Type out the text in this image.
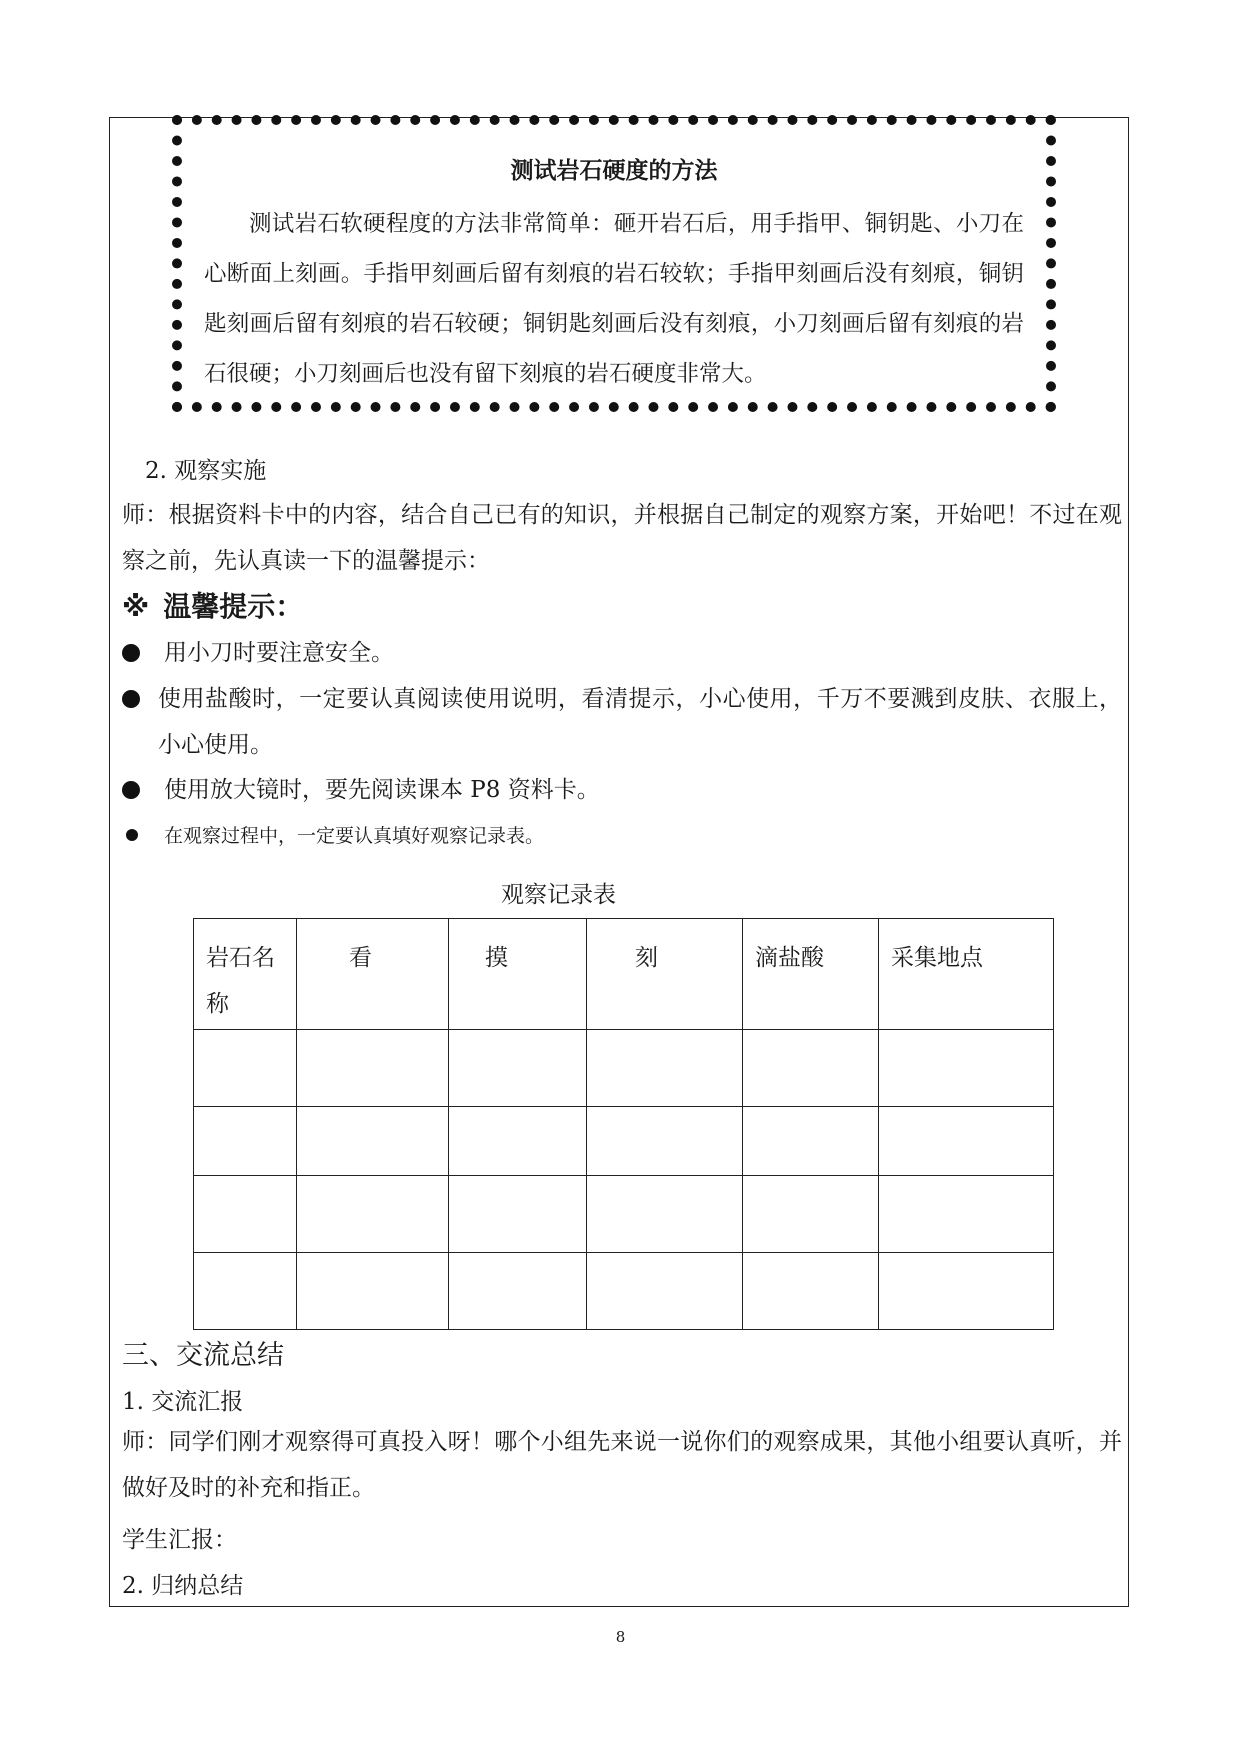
测试岩石硬度的方法

测试岩石软硬程度的方法非常简单：砸开岩石后，用手指甲、铜钥匙、小刀在心断面上刻画。手指甲刻画后留有刻痕的岩石较软；手指甲刻画后没有刻痕，铜钥匙刻画后留有刻痕的岩石较硬；铜钥匙刻画后没有刻痕，小刀刻画后留有刻痕的岩石很硬；小刀刻画后也没有留下刻痕的岩石硬度非常大。

2. 观察实施

师：根据资料卡中的内容，结合自己已有的知识，并根据自己制定的观察方案，开始吧！不过在观察之前，先认真读一下的温馨提示：

※ 温馨提示：
用小刀时要注意安全。
使用盐酸时，一定要认真阅读使用说明，看清提示，小心使用，千万不要溅到皮肤、衣服上，小心使用。
使用放大镜时，要先阅读课本 P8 资料卡。
在观察过程中，一定要认真填好观察记录表。
观察记录表
岩石名称	看	摸	刻	滴盐酸	采集地点

三、交流总结
1. 交流汇报

师：同学们刚才观察得可真投入呀！哪个小组先来说一说你们的观察成果，其他小组要认真听，并做好及时的补充和指正。

学生汇报：
2. 归纳总结
8
